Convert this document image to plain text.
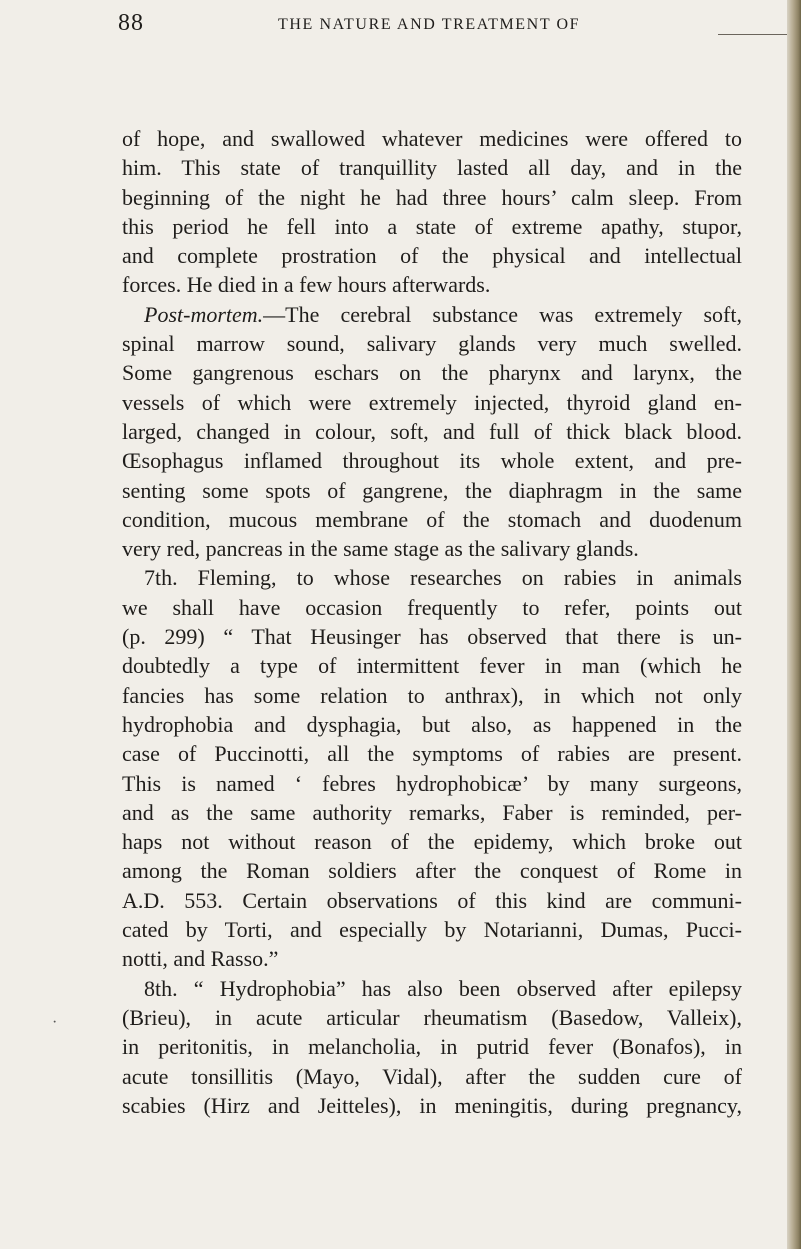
88	THE NATURE AND TREATMENT OF
of hope, and swallowed whatever medicines were offered to
him. This state of tranquillity lasted all day, and in the
beginning of the night he had three hours’ calm sleep. From
this period he fell into a state of extreme apathy, stupor,
and complete prostration of the physical and intellectual
forces. He died in a few hours afterwards.
Post-mortem.—The cerebral substance was extremely soft,
spinal marrow sound, salivary glands very much swelled.
Some gangrenous eschars on the pharynx and larynx, the
vessels of which were extremely injected, thyroid gland en-
larged, changed in colour, soft, and full of thick black blood.
Œsophagus inflamed throughout its whole extent, and pre-
senting some spots of gangrene, the diaphragm in the same
condition, mucous membrane of the stomach and duodenum
very red, pancreas in the same stage as the salivary glands.
7th. Fleming, to whose researches on rabies in animals
we shall have occasion frequently to refer, points out
(p. 299) “ That Heusinger has observed that there is un-
doubtedly a type of intermittent fever in man (which he
fancies has some relation to anthrax), in which not only
hydrophobia and dysphagia, but also, as happened in the
case of Puccinotti, all the symptoms of rabies are present.
This is named ‘ febres hydrophobicæ’ by many surgeons,
and as the same authority remarks, Faber is reminded, per-
haps not without reason of the epidemy, which broke out
among the Roman soldiers after the conquest of Rome in
A.D. 553. Certain observations of this kind are communi-
cated by Torti, and especially by Notarianni, Dumas, Pucci-
notti, and Rasso.”
8th. “ Hydrophobia” has also been observed after epilepsy
(Brieu), in acute articular rheumatism (Basedow, Valleix),
in peritonitis, in melancholia, in putrid fever (Bonafos), in
acute tonsillitis (Mayo, Vidal), after the sudden cure of
scabies (Hirz and Jeitteles), in meningitis, during pregnancy,
·
